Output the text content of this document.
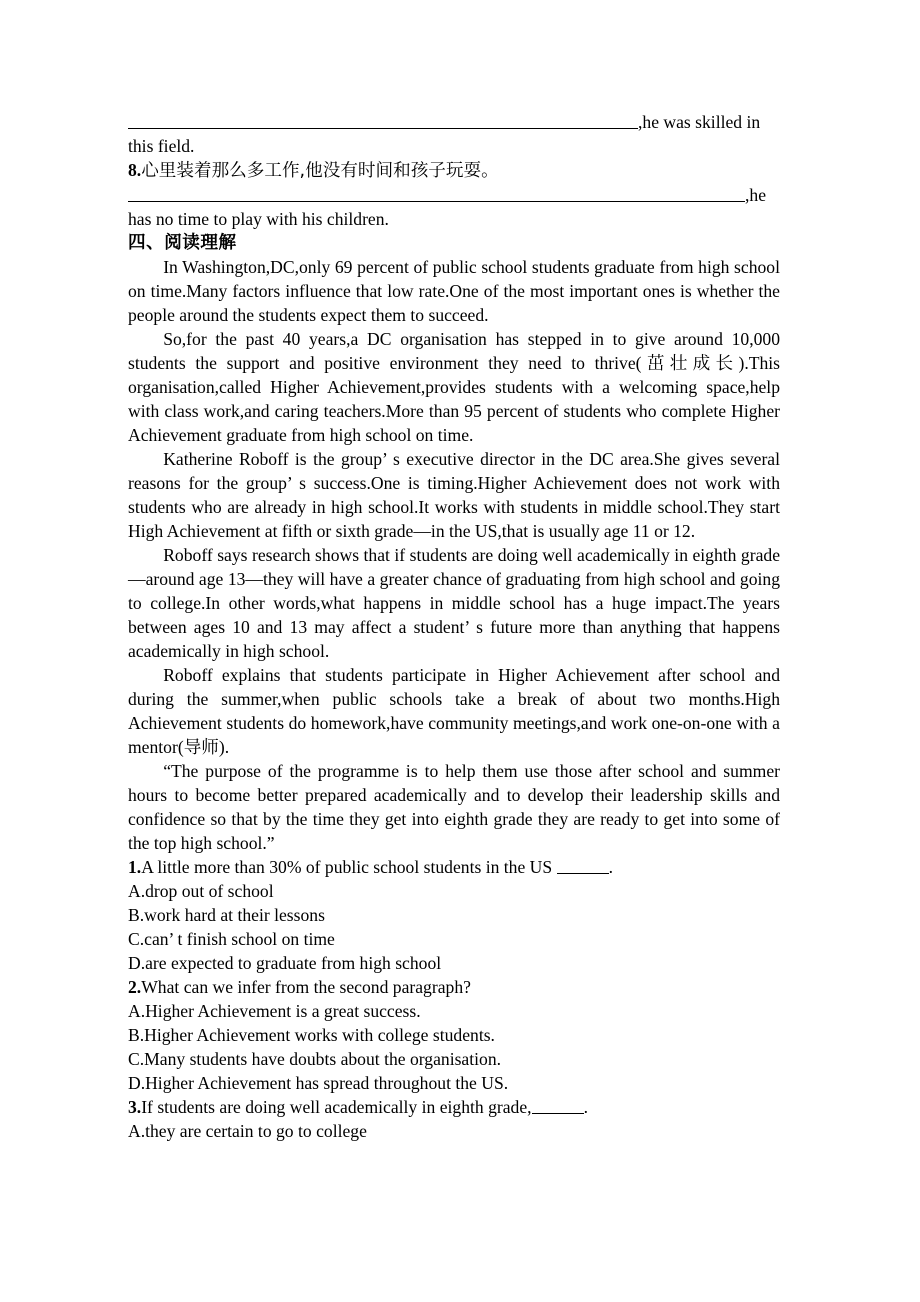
,he was skilled in
this field.
8.心里装着那么多工作,他没有时间和孩子玩耍。
,he
has no time to play with his children.
四、阅读理解

In Washington,DC,only 69 percent of public school students graduate from high school on time.Many factors influence that low rate.One of the most important ones is whether the people around the students expect them to succeed.

So,for the past 40 years,a DC organisation has stepped in to give around 10,000 students the support and positive environment they need to thrive(茁壮成长).This organisation,called Higher Achievement,provides students with a welcoming space,help with class work,and caring teachers.More than 95 percent of students who complete Higher Achievement graduate from high school on time.

Katherine Roboff is the group’ s executive director in the DC area.She gives several reasons for the group’ s success.One is timing.Higher Achievement does not work with students who are already in high school.It works with students in middle school.They start High Achievement at fifth or sixth grade—in the US,that is usually age 11 or 12.

Roboff says research shows that if students are doing well academically in eighth grade—around age 13—they will have a greater chance of graduating from high school and going to college.In other words,what happens in middle school has a huge impact.The years between ages 10 and 13 may affect a student’ s future more than anything that happens academically in high school.

Roboff explains that students participate in Higher Achievement after school and during the summer,when public schools take a break of about two months.High Achievement students do homework,have community meetings,and work one-on-one with a mentor(导师).

“The purpose of the programme is to help them use those after school and summer hours to become better prepared academically and to develop their leadership skills and confidence so that by the time they get into eighth grade they are ready to get into some of the top high school.”

1.A little more than 30% of public school students in the US	.
A.drop out of school
B.work hard at their lessons
C.can’ t finish school on time
D.are expected to graduate from high school
2.What can we infer from the second paragraph?
A.Higher Achievement is a great success.
B.Higher Achievement works with college students.
C.Many students have doubts about the organisation.
D.Higher Achievement has spread throughout the US.
3.If students are doing well academically in eighth grade,	.
A.they are certain to go to college
